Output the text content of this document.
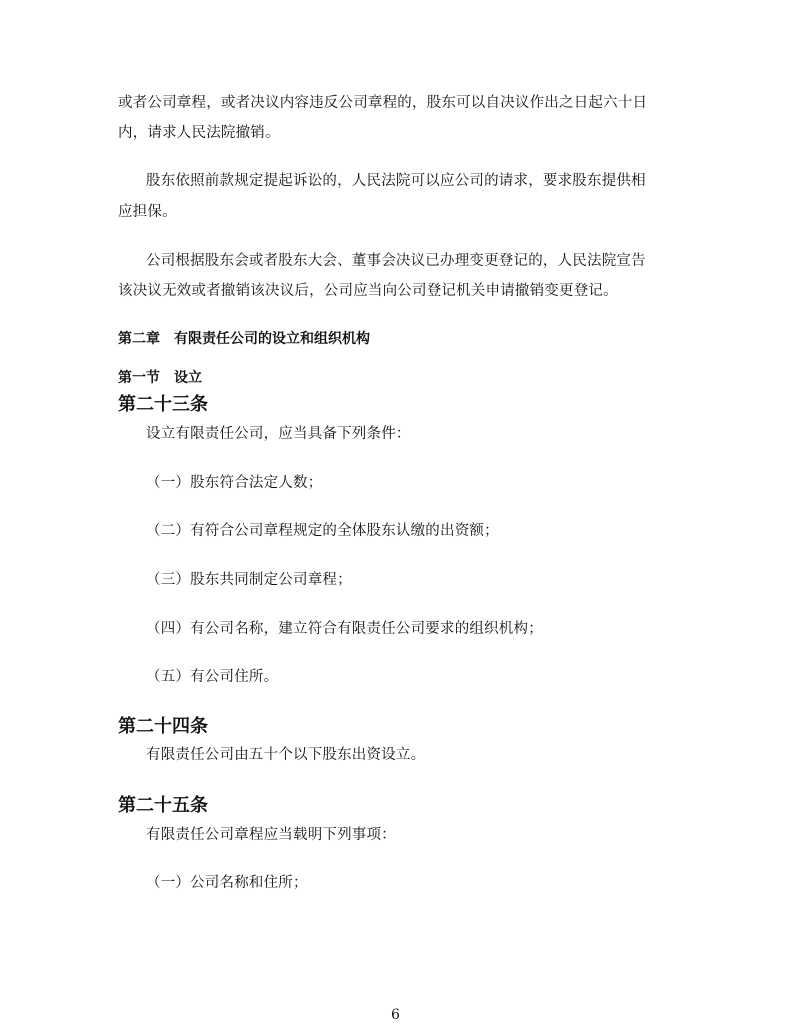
或者公司章程，或者决议内容违反公司章程的，股东可以自决议作出之日起六十日
内，请求人民法院撤销。
股东依照前款规定提起诉讼的，人民法院可以应公司的请求，要求股东提供相
应担保。
公司根据股东会或者股东大会、董事会决议已办理变更登记的，人民法院宣告
该决议无效或者撤销该决议后，公司应当向公司登记机关申请撤销变更登记。
第二章　有限责任公司的设立和组织机构
第一节　设立
第二十三条
设立有限责任公司，应当具备下列条件：
（一）股东符合法定人数；
（二）有符合公司章程规定的全体股东认缴的出资额；
（三）股东共同制定公司章程；
（四）有公司名称，建立符合有限责任公司要求的组织机构；
（五）有公司住所。
第二十四条
有限责任公司由五十个以下股东出资设立。
第二十五条
有限责任公司章程应当载明下列事项：
（一）公司名称和住所；
6
